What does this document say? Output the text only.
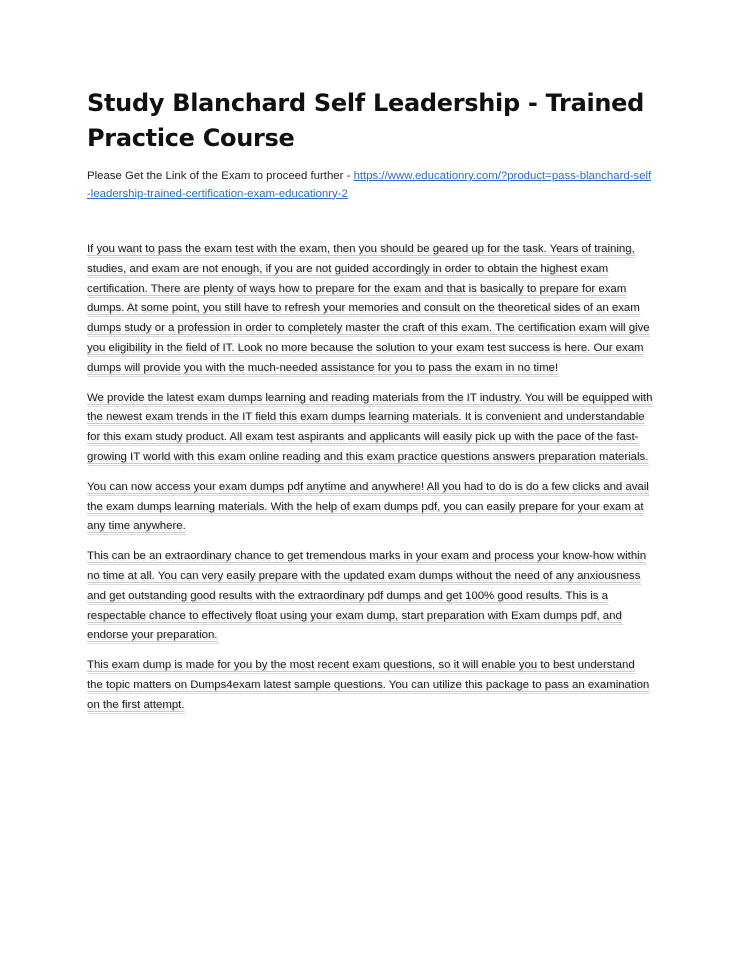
Study Blanchard Self Leadership - Trained Practice Course

Please Get the Link of the Exam to proceed further - https://www.educationry.com/?product=pass-blanchard-self-leadership-trained-certification-exam-educationry-2

If you want to pass the exam test with the exam, then you should be geared up for the task. Years of training, studies, and exam are not enough, if you are not guided accordingly in order to obtain the highest exam certification. There are plenty of ways how to prepare for the exam and that is basically to prepare for exam dumps. At some point, you still have to refresh your memories and consult on the theoretical sides of an exam dumps study or a profession in order to completely master the craft of this exam. The certification exam will give you eligibility in the field of IT. Look no more because the solution to your exam test success is here. Our exam dumps will provide you with the much-needed assistance for you to pass the exam in no time!

We provide the latest exam dumps learning and reading materials from the IT industry. You will be equipped with the newest exam trends in the IT field this exam dumps learning materials. It is convenient and understandable for this exam study product. All exam test aspirants and applicants will easily pick up with the pace of the fast-growing IT world with this exam online reading and this exam practice questions answers preparation materials.

You can now access your exam dumps pdf anytime and anywhere! All you had to do is do a few clicks and avail the exam dumps learning materials. With the help of exam dumps pdf, you can easily prepare for your exam at any time anywhere.

This can be an extraordinary chance to get tremendous marks in your exam and process your know-how within no time at all. You can very easily prepare with the updated exam dumps without the need of any anxiousness and get outstanding good results with the extraordinary pdf dumps and get 100% good results. This is a respectable chance to effectively float using your exam dump, start preparation with Exam dumps pdf, and endorse your preparation.

This exam dump is made for you by the most recent exam questions, so it will enable you to best understand the topic matters on Dumps4exam latest sample questions. You can utilize this package to pass an examination on the first attempt.
